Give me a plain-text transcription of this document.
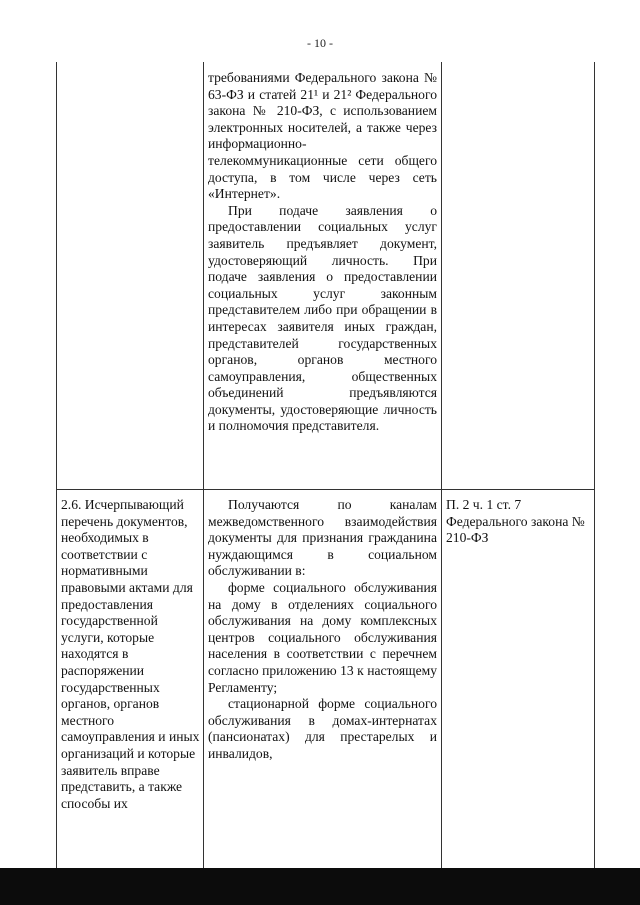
- 10 -

требованиями Федерального закона № 63-ФЗ и статей 21¹ и 21² Федерального закона № 210-ФЗ, с использованием электронных носителей, а также через информационно-телекоммуникационные сети общего доступа, в том числе через сеть «Интернет».

При подаче заявления о предоставлении социальных услуг заявитель предъявляет документ, удостоверяющий личность. При подаче заявления о предоставлении социальных услуг законным представителем либо при обращении в интересах заявителя иных граждан, представителей государственных органов, органов местного самоуправления, общественных объединений предъявляются документы, удостоверяющие личность и полномочия представителя.

2.6. Исчерпывающий перечень документов, необходимых в соответствии с нормативными правовыми актами для предоставления государственной услуги, которые находятся в распоряжении государственных органов, органов местного самоуправления и иных организаций и которые заявитель вправе представить, а также способы их

Получаются по каналам межведомственного взаимодействия документы для признания гражданина нуждающимся в социальном обслуживании в:

форме социального обслуживания на дому в отделениях социального обслуживания на дому комплексных центров социального обслуживания населения в соответствии с перечнем согласно приложению 13 к настоящему Регламенту;

стационарной форме социального обслуживания в домах-интернатах (пансионатах) для престарелых и инвалидов,

П. 2 ч. 1 ст. 7 Федерального закона № 210-ФЗ
